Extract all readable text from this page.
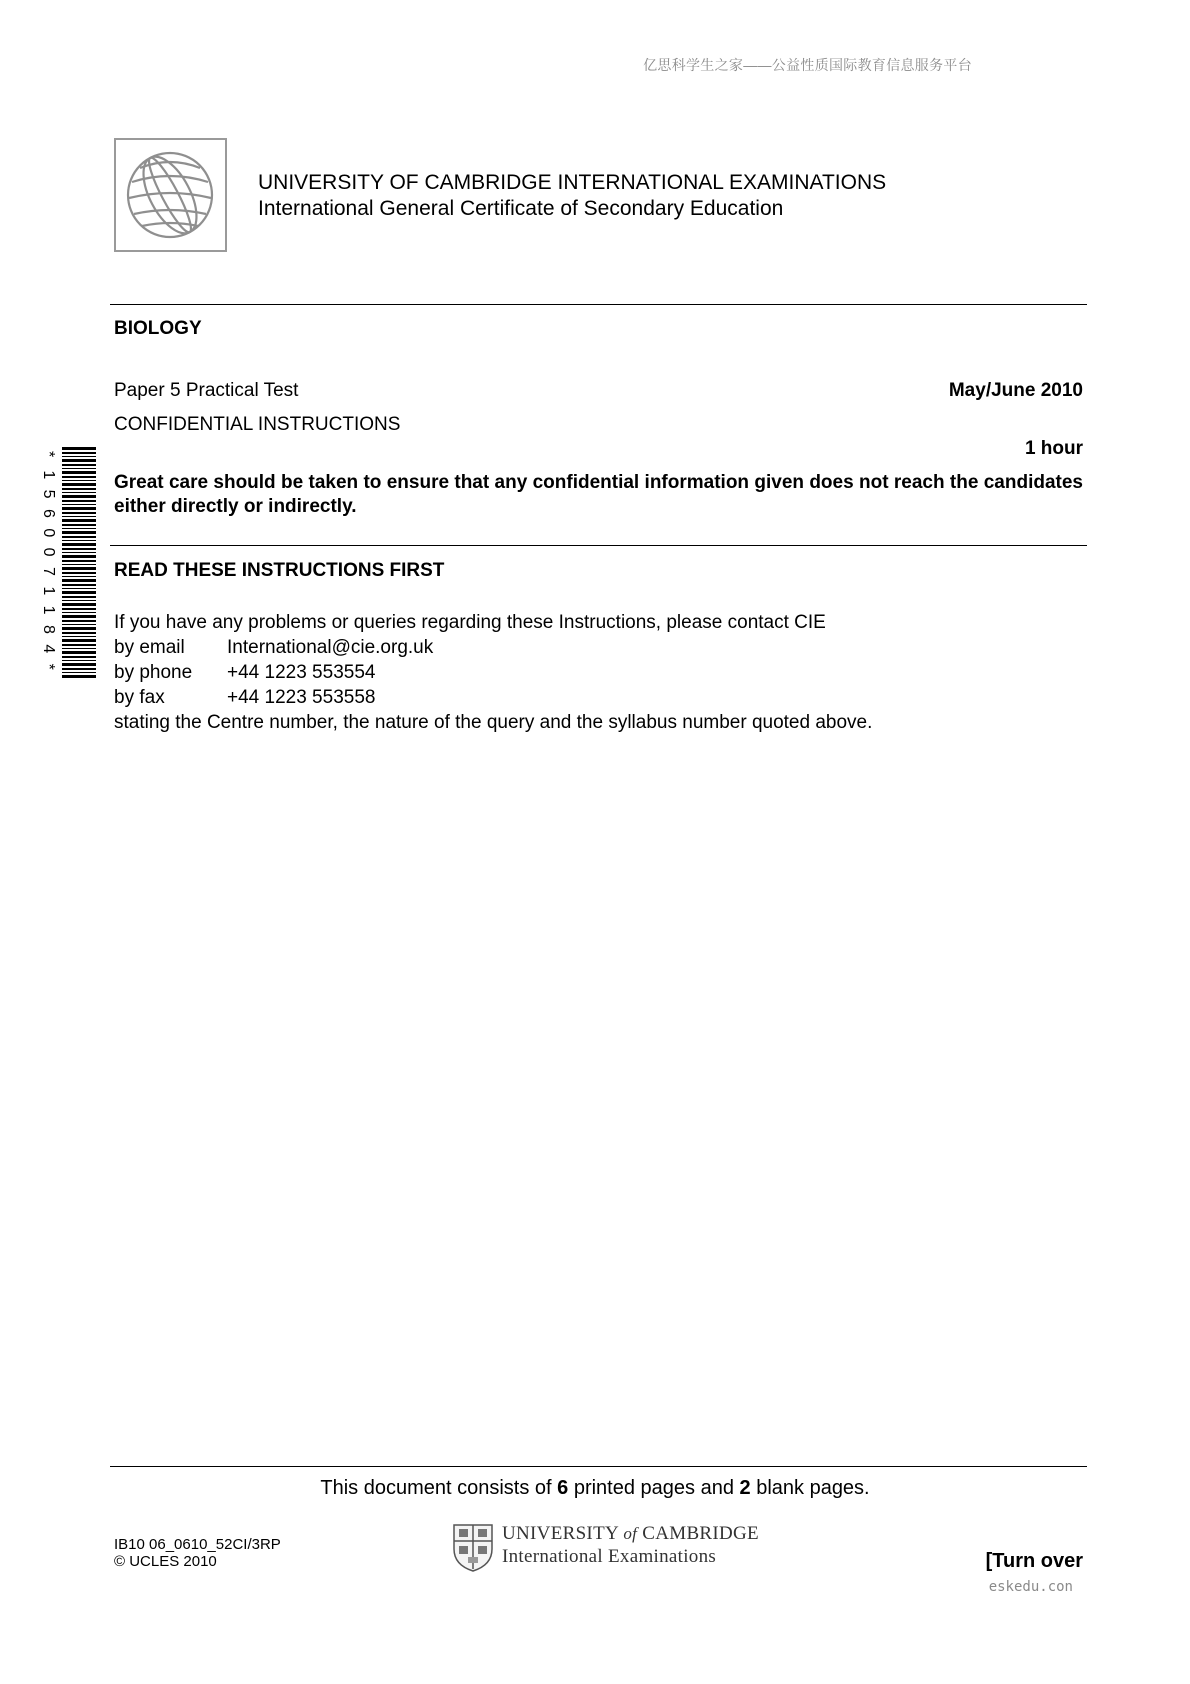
亿思科学生之家——公益性质国际教育信息服务平台
UNIVERSITY OF CAMBRIDGE INTERNATIONAL EXAMINATIONS
International General Certificate of Secondary Education
BIOLOGY
Paper 5 Practical Test	May/June 2010
CONFIDENTIAL INSTRUCTIONS
1 hour
Great care should be taken to ensure that any confidential information given does not reach the candidates either directly or indirectly.
*
1
5
6
0
0
7
1
1
8
4
*
READ THESE INSTRUCTIONS FIRST
If you have any problems or queries regarding these Instructions, please contact CIE
by email	International@cie.org.uk
by phone	+44 1223 553554
by fax	+44 1223 553558
stating the Centre number, the nature of the query and the syllabus number quoted above.
This document consists of 6 printed pages and 2 blank pages.
IB10 06_0610_52CI/3RP
© UCLES 2010
UNIVERSITY of CAMBRIDGE
International Examinations	[Turn over
eskedu.con
